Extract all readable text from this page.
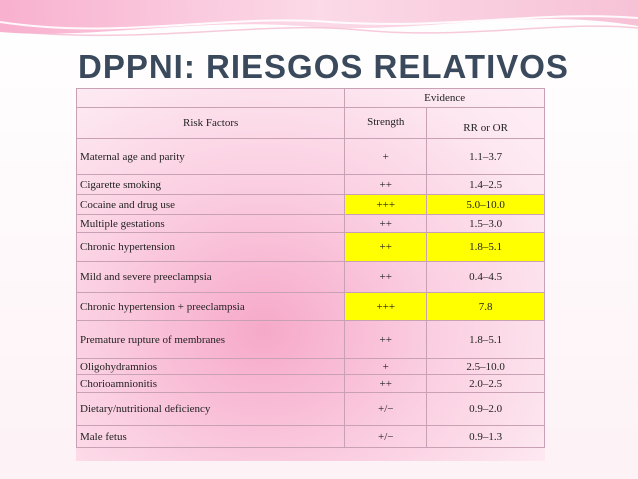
DPPNI: RIESGOS RELATIVOS
	Evidence	
Risk Factors	Strength	RR or OR
Maternal age and parity	+	1.1–3.7
Cigarette smoking	++	1.4–2.5
Cocaine and drug use	+++	5.0–10.0
Multiple gestations	++	1.5–3.0
Chronic hypertension	++	1.8–5.1
Mild and severe preeclampsia	++	0.4–4.5
Chronic hypertension + preeclampsia	+++	7.8
Premature rupture of membranes	++	1.8–5.1
Oligohydramnios	+	2.5–10.0
Chorioamnionitis	++	2.0–2.5
Dietary/nutritional deficiency	+/−	0.9–2.0
Male fetus	+/−	0.9–1.3
